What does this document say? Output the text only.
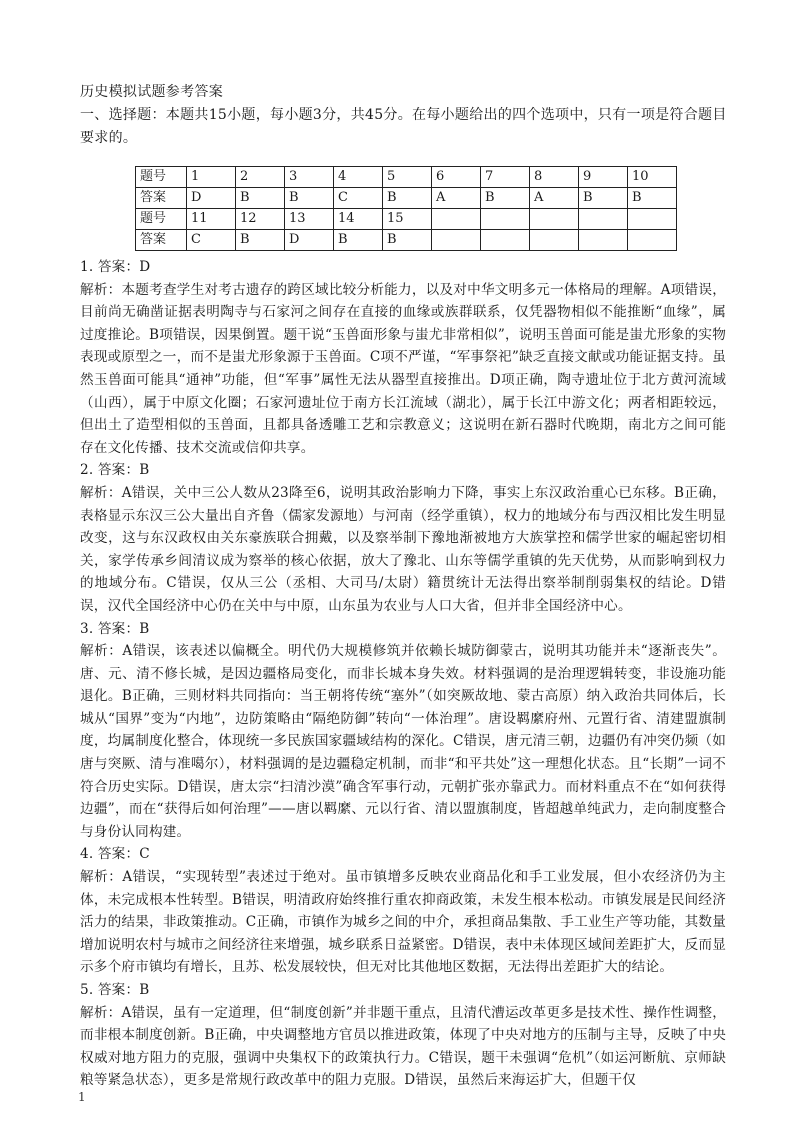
历史模拟试题参考答案
一、选择题：本题共15小题，每小题3分，共45分。在每小题给出的四个选项中，只有一项是符合题目要求的。
题号	1	2	3	4	5	6	7	8	9	10
答案	D	B	B	C	B	A	B	A	B	B
题号	11	12	13	14	15					
答案	C	B	D	B	B					
1. 答案：D
解析：本题考查学生对考古遗存的跨区域比较分析能力，以及对中华文明多元一体格局的理解。A项错误，目前尚无确凿证据表明陶寺与石家河之间存在直接的血缘或族群联系，仅凭器物相似不能推断“血缘”，属过度推论。B项错误，因果倒置。题干说“玉兽面形象与蚩尤非常相似”，说明玉兽面可能是蚩尤形象的实物表现或原型之一，而不是蚩尤形象源于玉兽面。C项不严谨，“军事祭祀”缺乏直接文献或功能证据支持。虽然玉兽面可能具“通神”功能，但“军事”属性无法从器型直接推出。D项正确，陶寺遗址位于北方黄河流域（山西），属于中原文化圈；石家河遗址位于南方长江流域（湖北），属于长江中游文化；两者相距较远，但出土了造型相似的玉兽面，且都具备透雕工艺和宗教意义；这说明在新石器时代晚期，南北方之间可能存在文化传播、技术交流或信仰共享。
2. 答案：B
解析：A错误，关中三公人数从23降至6，说明其政治影响力下降，事实上东汉政治重心已东移。B正确，表格显示东汉三公大量出自齐鲁（儒家发源地）与河南（经学重镇），权力的地域分布与西汉相比发生明显改变，这与东汉政权由关东豪族联合拥戴，以及察举制下豫地渐被地方大族掌控和儒学世家的崛起密切相关，家学传承乡闾清议成为察举的核心依据，放大了豫北、山东等儒学重镇的先天优势，从而影响到权力的地域分布。C错误，仅从三公（丞相、大司马/太尉）籍贯统计无法得出察举制削弱集权的结论。D错误，汉代全国经济中心仍在关中与中原，山东虽为农业与人口大省，但并非全国经济中心。
3. 答案：B
解析：A错误，该表述以偏概全。明代仍大规模修筑并依赖长城防御蒙古，说明其功能并未“逐渐丧失”。唐、元、清不修长城，是因边疆格局变化，而非长城本身失效。材料强调的是治理逻辑转变，非设施功能退化。B正确，三则材料共同指向：当王朝将传统“塞外”（如突厥故地、蒙古高原）纳入政治共同体后，长城从“国界”变为“内地”，边防策略由“隔绝防御”转向“一体治理”。唐设羁縻府州、元置行省、清建盟旗制度，均属制度化整合，体现统一多民族国家疆域结构的深化。C错误，唐元清三朝，边疆仍有冲突仍频（如唐与突厥、清与准噶尔），材料强调的是边疆稳定机制，而非“和平共处”这一理想化状态。且“长期”一词不符合历史实际。D错误，唐太宗“扫清沙漠”确含军事行动，元朝扩张亦靠武力。而材料重点不在“如何获得边疆”，而在“获得后如何治理”——唐以羁縻、元以行省、清以盟旗制度，皆超越单纯武力，走向制度整合与身份认同构建。
4. 答案：C
解析：A错误，“实现转型”表述过于绝对。虽市镇增多反映农业商品化和手工业发展，但小农经济仍为主体，未完成根本性转型。B错误，明清政府始终推行重农抑商政策，未发生根本松动。市镇发展是民间经济活力的结果，非政策推动。C正确，市镇作为城乡之间的中介，承担商品集散、手工业生产等功能，其数量增加说明农村与城市之间经济往来增强，城乡联系日益紧密。D错误，表中未体现区域间差距扩大，反而显示多个府市镇均有增长，且苏、松发展较快，但无对比其他地区数据，无法得出差距扩大的结论。
5. 答案：B
解析：A错误，虽有一定道理，但“制度创新”并非题干重点，且清代漕运改革更多是技术性、操作性调整，而非根本制度创新。B正确，中央调整地方官员以推进政策，体现了中央对地方的压制与主导，反映了中央权威对地方阻力的克服，强调中央集权下的政策执行力。C错误，题干未强调“危机”（如运河断航、京师缺粮等紧急状态），更多是常规行政改革中的阻力克服。D错误，虽然后来海运扩大，但题干仅
1
